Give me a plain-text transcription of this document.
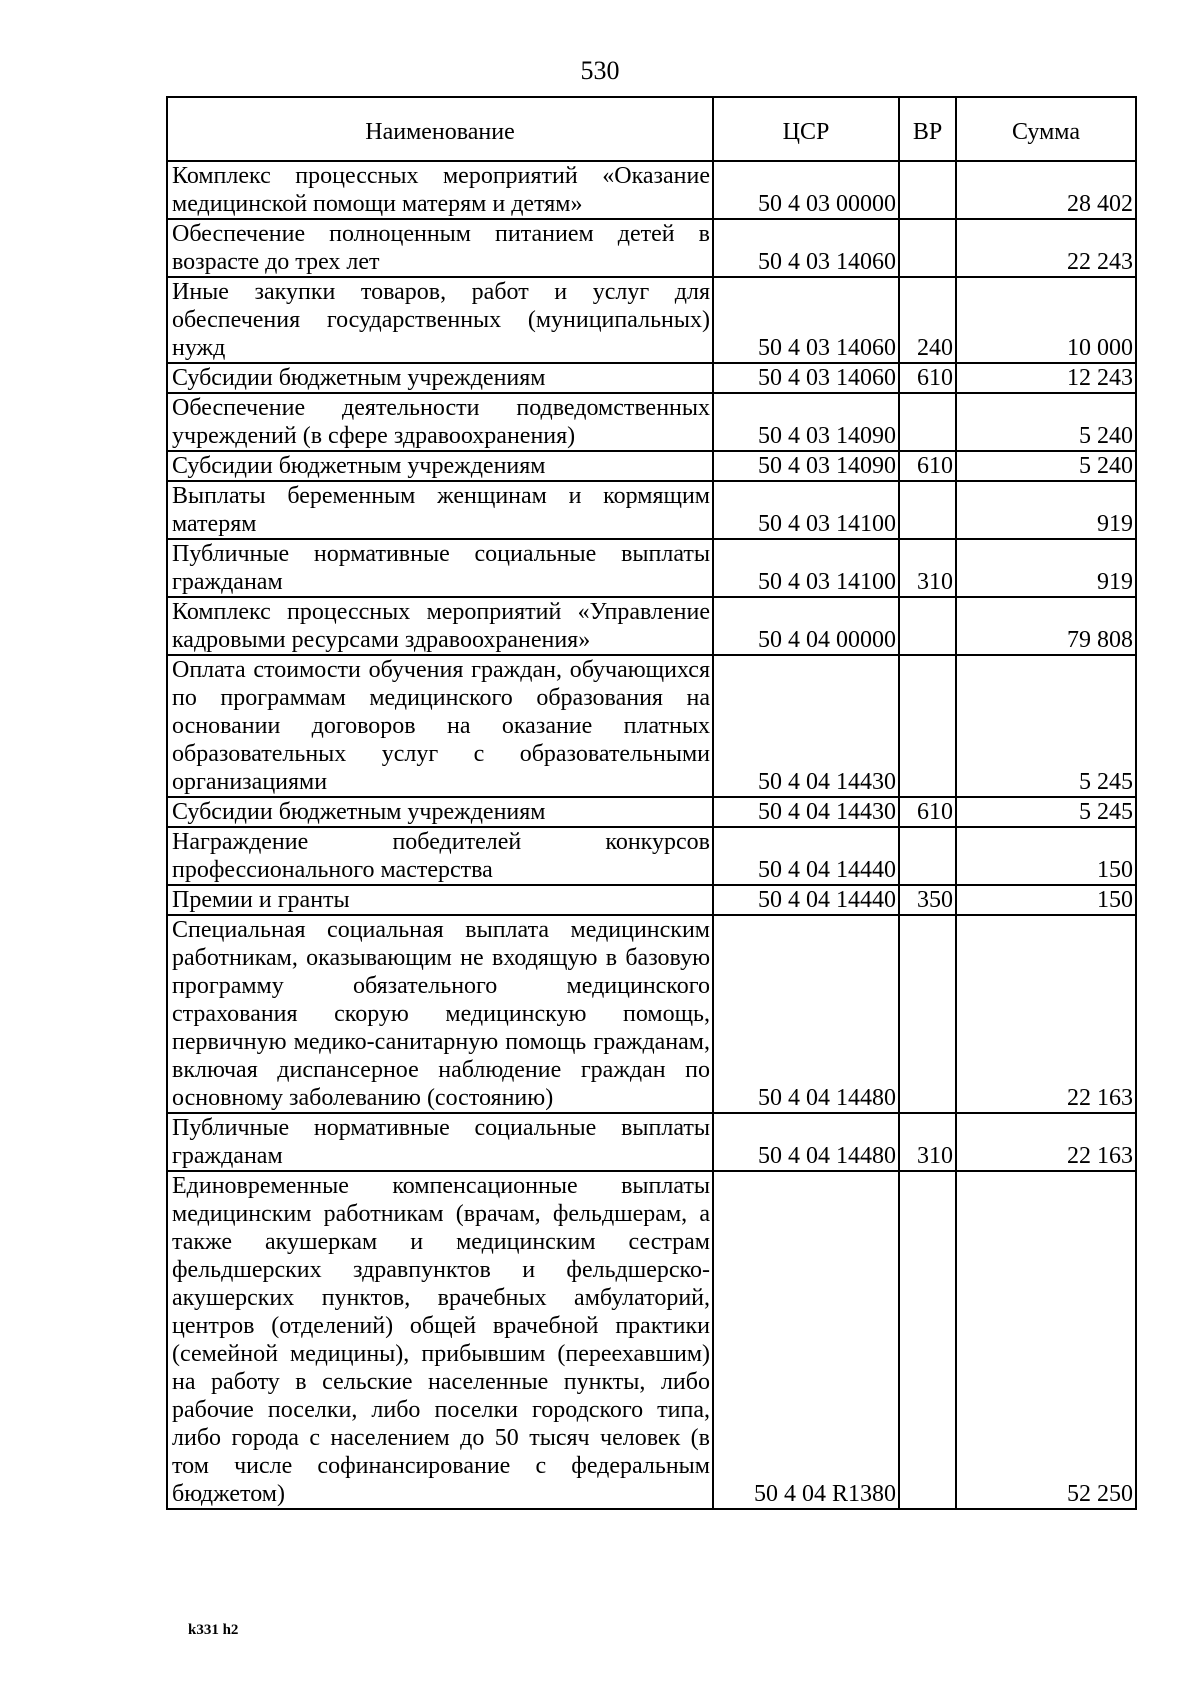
530
Наименование	ЦСР	ВР	Сумма
Комплекс процессных мероприятий «Оказание медицинской помощи матерям и детям»	50 4 03 00000		28 402
Обеспечение полноценным питанием детей в возрасте до трех лет	50 4 03 14060		22 243
Иные закупки товаров, работ и услуг для обеспечения государственных (муниципальных) нужд	50 4 03 14060	240	10 000
Субсидии бюджетным учреждениям	50 4 03 14060	610	12 243
Обеспечение деятельности подведомственных учреждений (в сфере здравоохранения)	50 4 03 14090		5 240
Субсидии бюджетным учреждениям	50 4 03 14090	610	5 240
Выплаты беременным женщинам и кормящим матерям	50 4 03 14100		919
Публичные нормативные социальные выплаты гражданам	50 4 03 14100	310	919
Комплекс процессных мероприятий «Управление кадровыми ресурсами здравоохранения»	50 4 04 00000		79 808
Оплата стоимости обучения граждан, обучающихся по программам медицинского образования на основании договоров на оказание платных образовательных услуг с образовательными организациями	50 4 04 14430		5 245
Субсидии бюджетным учреждениям	50 4 04 14430	610	5 245
Награждение победителей конкурсов профессионального мастерства	50 4 04 14440		150
Премии и гранты	50 4 04 14440	350	150
Специальная социальная выплата медицинским работникам, оказывающим не входящую в базовую программу обязательного медицинского страхования скорую медицинскую помощь, первичную медико-санитарную помощь гражданам, включая диспансерное наблюдение граждан по основному заболеванию (состоянию)	50 4 04 14480		22 163
Публичные нормативные социальные выплаты гражданам	50 4 04 14480	310	22 163
Единовременные компенсационные выплаты медицинским работникам (врачам, фельдшерам, а также акушеркам и медицинским сестрам фельдшерских здравпунктов и фельдшерско-акушерских пунктов, врачебных амбулаторий, центров (отделений) общей врачебной практики (семейной медицины), прибывшим (переехавшим) на работу в сельские населенные пункты, либо рабочие поселки, либо поселки городского типа, либо города с населением до 50 тысяч человек (в том числе софинансирование с федеральным бюджетом)	50 4 04 R1380		52 250
k331 h2
